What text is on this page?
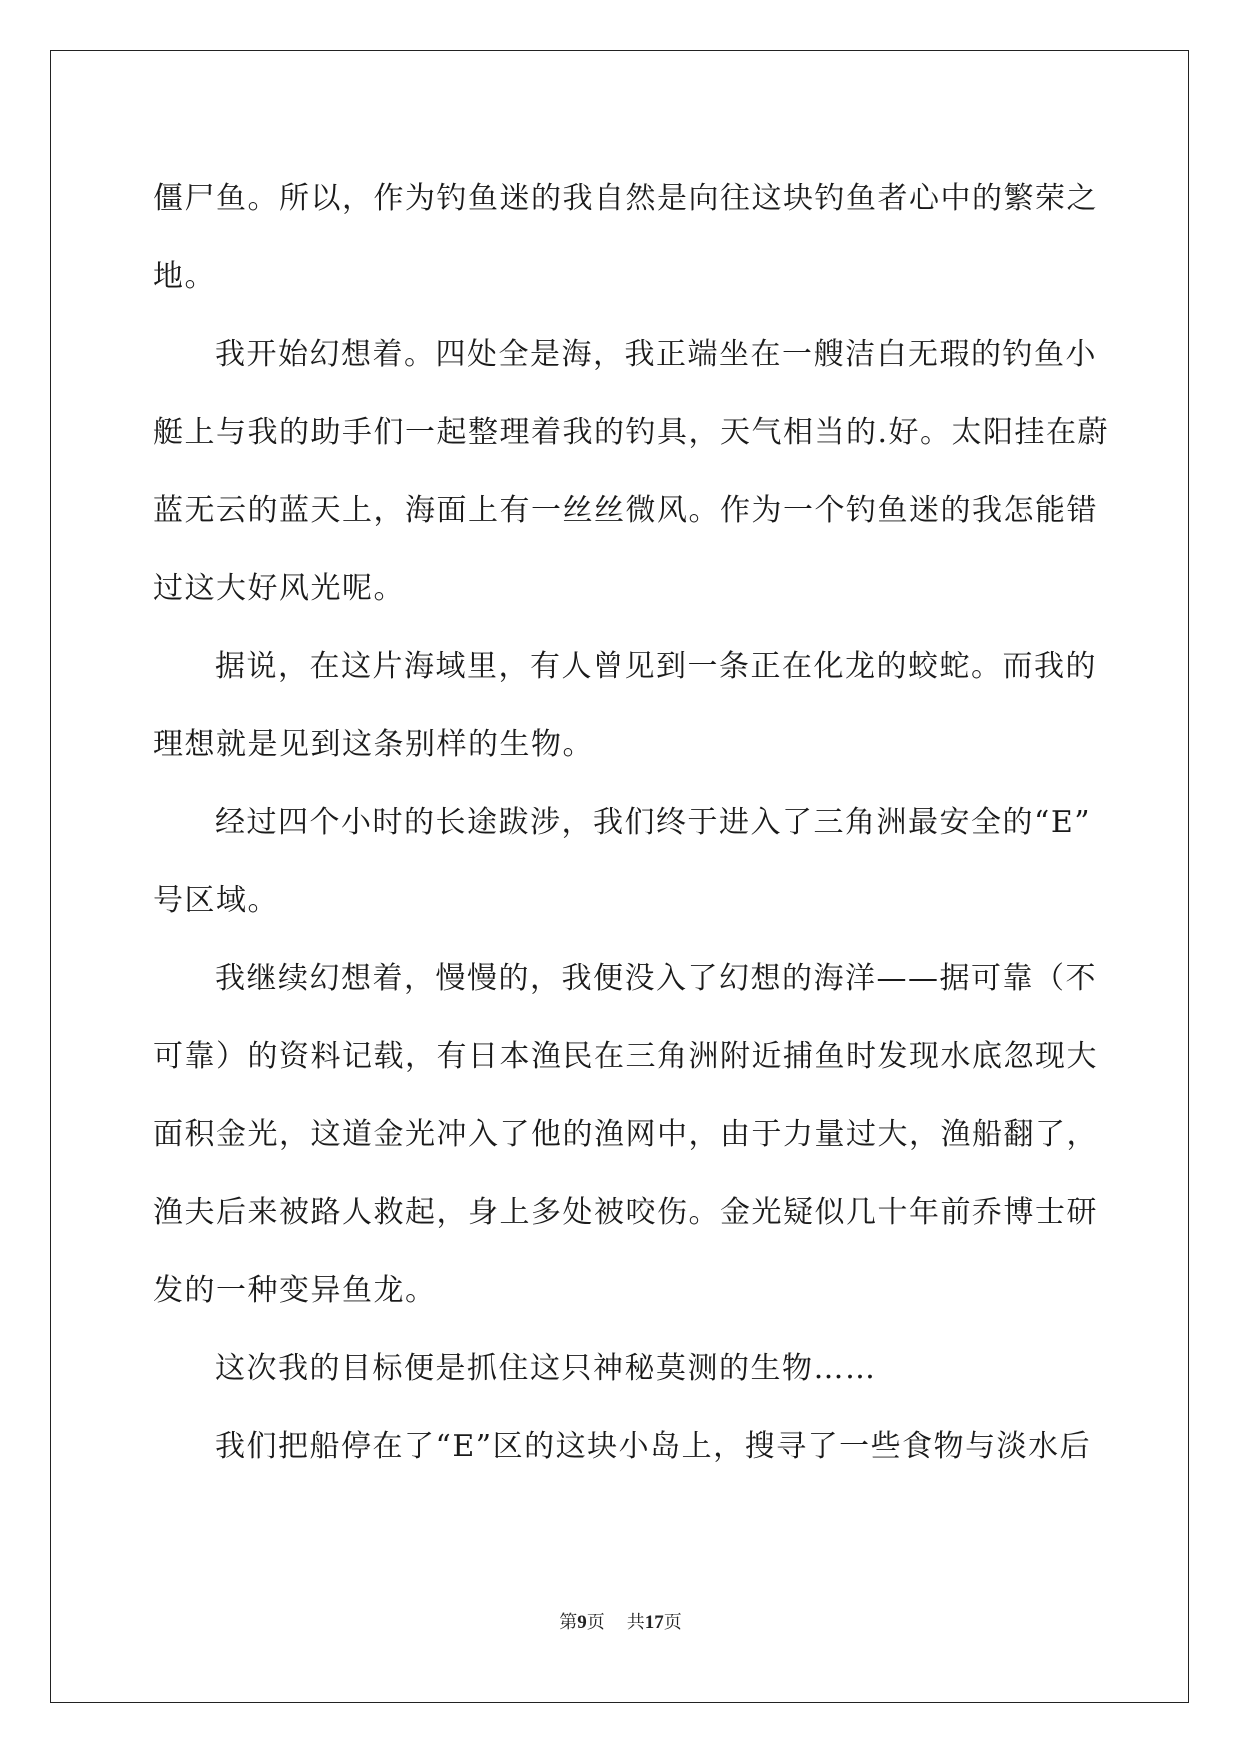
僵尸鱼。所以，作为钓鱼迷的我自然是向往这块钓鱼者心中的繁荣之
地。
我开始幻想着。四处全是海，我正端坐在一艘洁白无瑕的钓鱼小
艇上与我的助手们一起整理着我的钓具，天气相当的.好。太阳挂在蔚
蓝无云的蓝天上，海面上有一丝丝微风。作为一个钓鱼迷的我怎能错
过这大好风光呢。
据说，在这片海域里，有人曾见到一条正在化龙的蛟蛇。而我的
理想就是见到这条别样的生物。
经过四个小时的长途跋涉，我们终于进入了三角洲最安全的“E”
号区域。
我继续幻想着，慢慢的，我便没入了幻想的海洋——据可靠（不
可靠）的资料记载，有日本渔民在三角洲附近捕鱼时发现水底忽现大
面积金光，这道金光冲入了他的渔网中，由于力量过大，渔船翻了，
渔夫后来被路人救起，身上多处被咬伤。金光疑似几十年前乔博士研
发的一种变异鱼龙。
这次我的目标便是抓住这只神秘莫测的生物……
我们把船停在了“E”区的这块小岛上，搜寻了一些食物与淡水后
第9页 共17页
